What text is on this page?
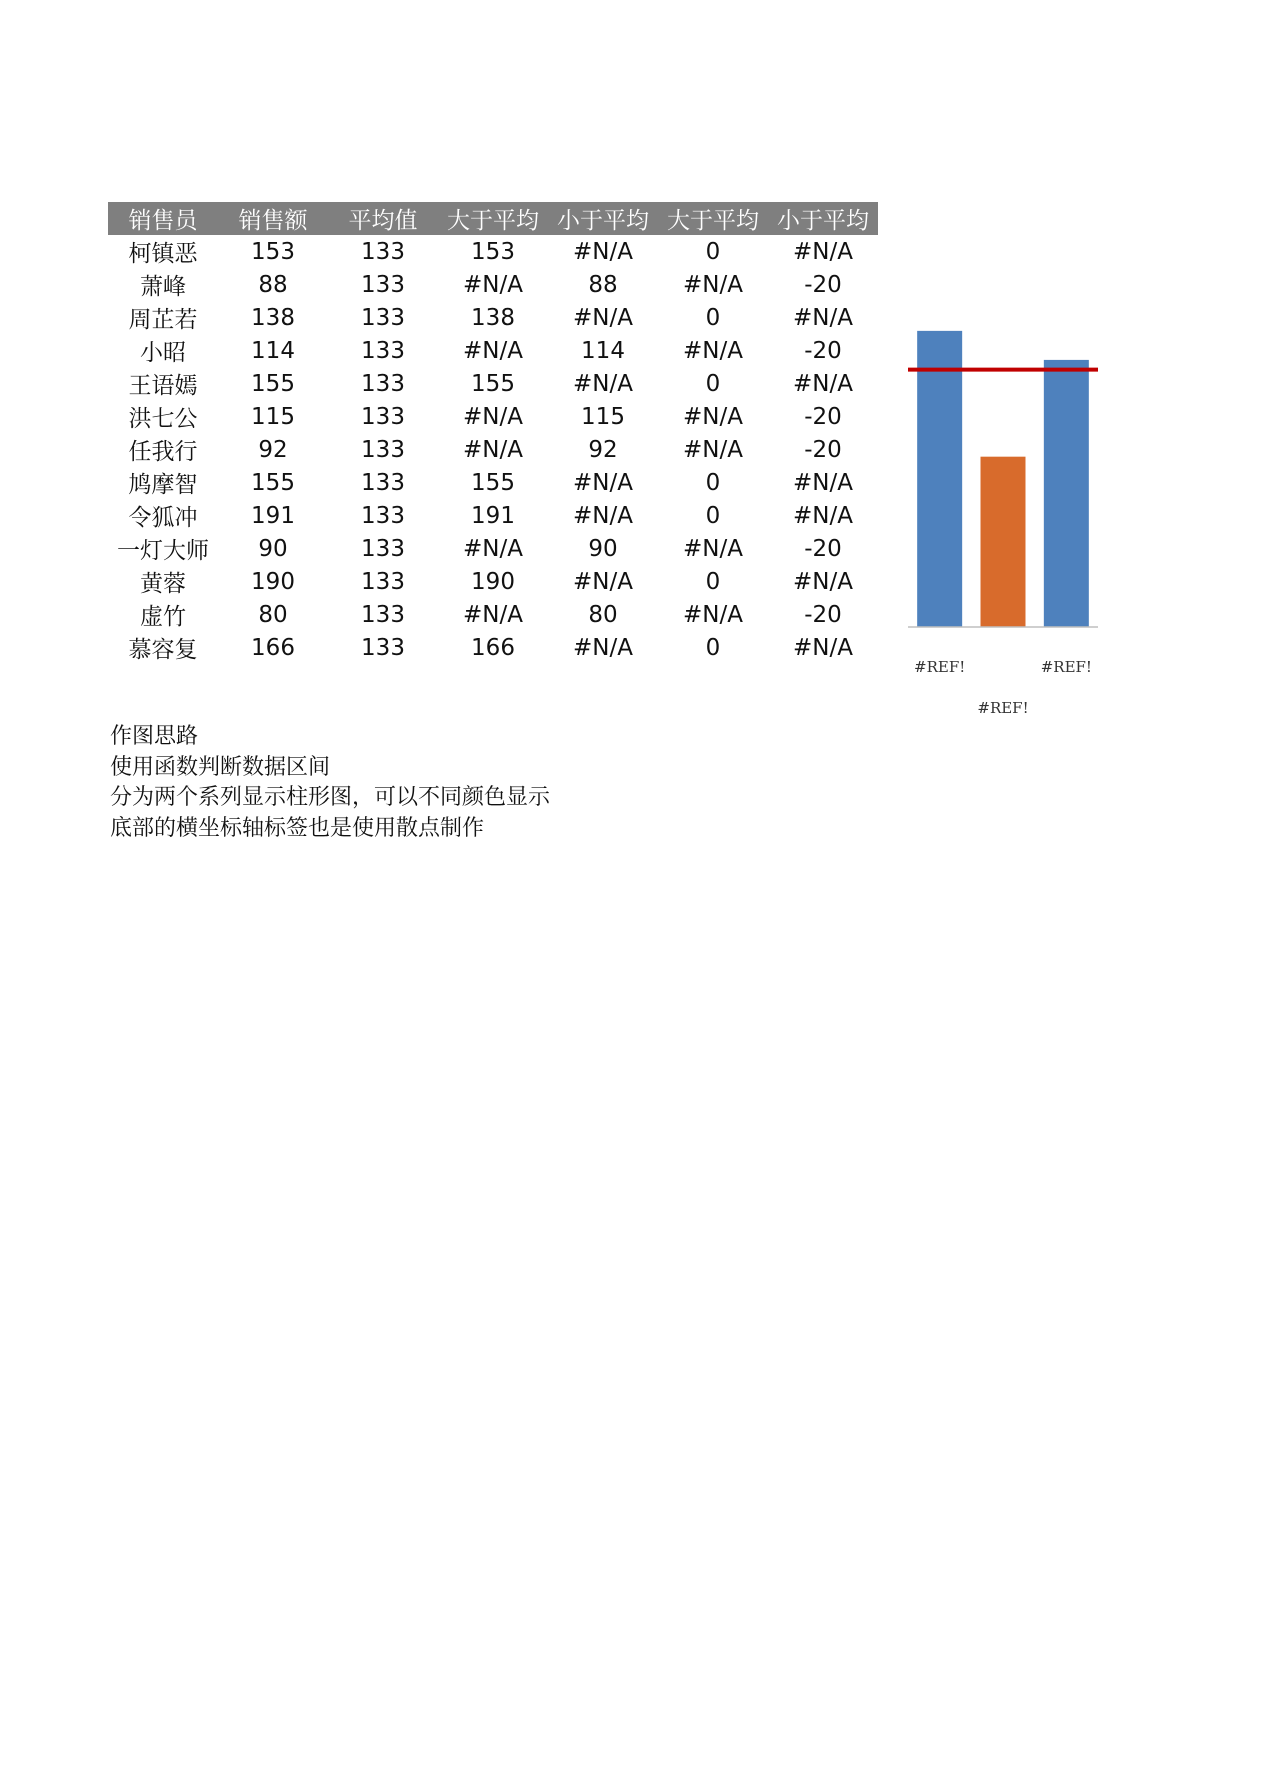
销售员	销售额	平均值	大于平均	小于平均	大于平均	小于平均
柯镇恶	153	133	153	#N/A	0	#N/A
萧峰	88	133	#N/A	88	#N/A	-20
周芷若	138	133	138	#N/A	0	#N/A
小昭	114	133	#N/A	114	#N/A	-20
王语嫣	155	133	155	#N/A	0	#N/A
洪七公	115	133	#N/A	115	#N/A	-20
任我行	92	133	#N/A	92	#N/A	-20
鸠摩智	155	133	155	#N/A	0	#N/A
令狐冲	191	133	191	#N/A	0	#N/A
一灯大师	90	133	#N/A	90	#N/A	-20
黄蓉	190	133	190	#N/A	0	#N/A
虚竹	80	133	#N/A	80	#N/A	-20
慕容复	166	133	166	#N/A	0	#N/A
#REF!	#REF!
#REF!
作图思路
使用函数判断数据区间
分为两个系列显示柱形图，可以不同颜色显示
底部的横坐标轴标签也是使用散点制作
